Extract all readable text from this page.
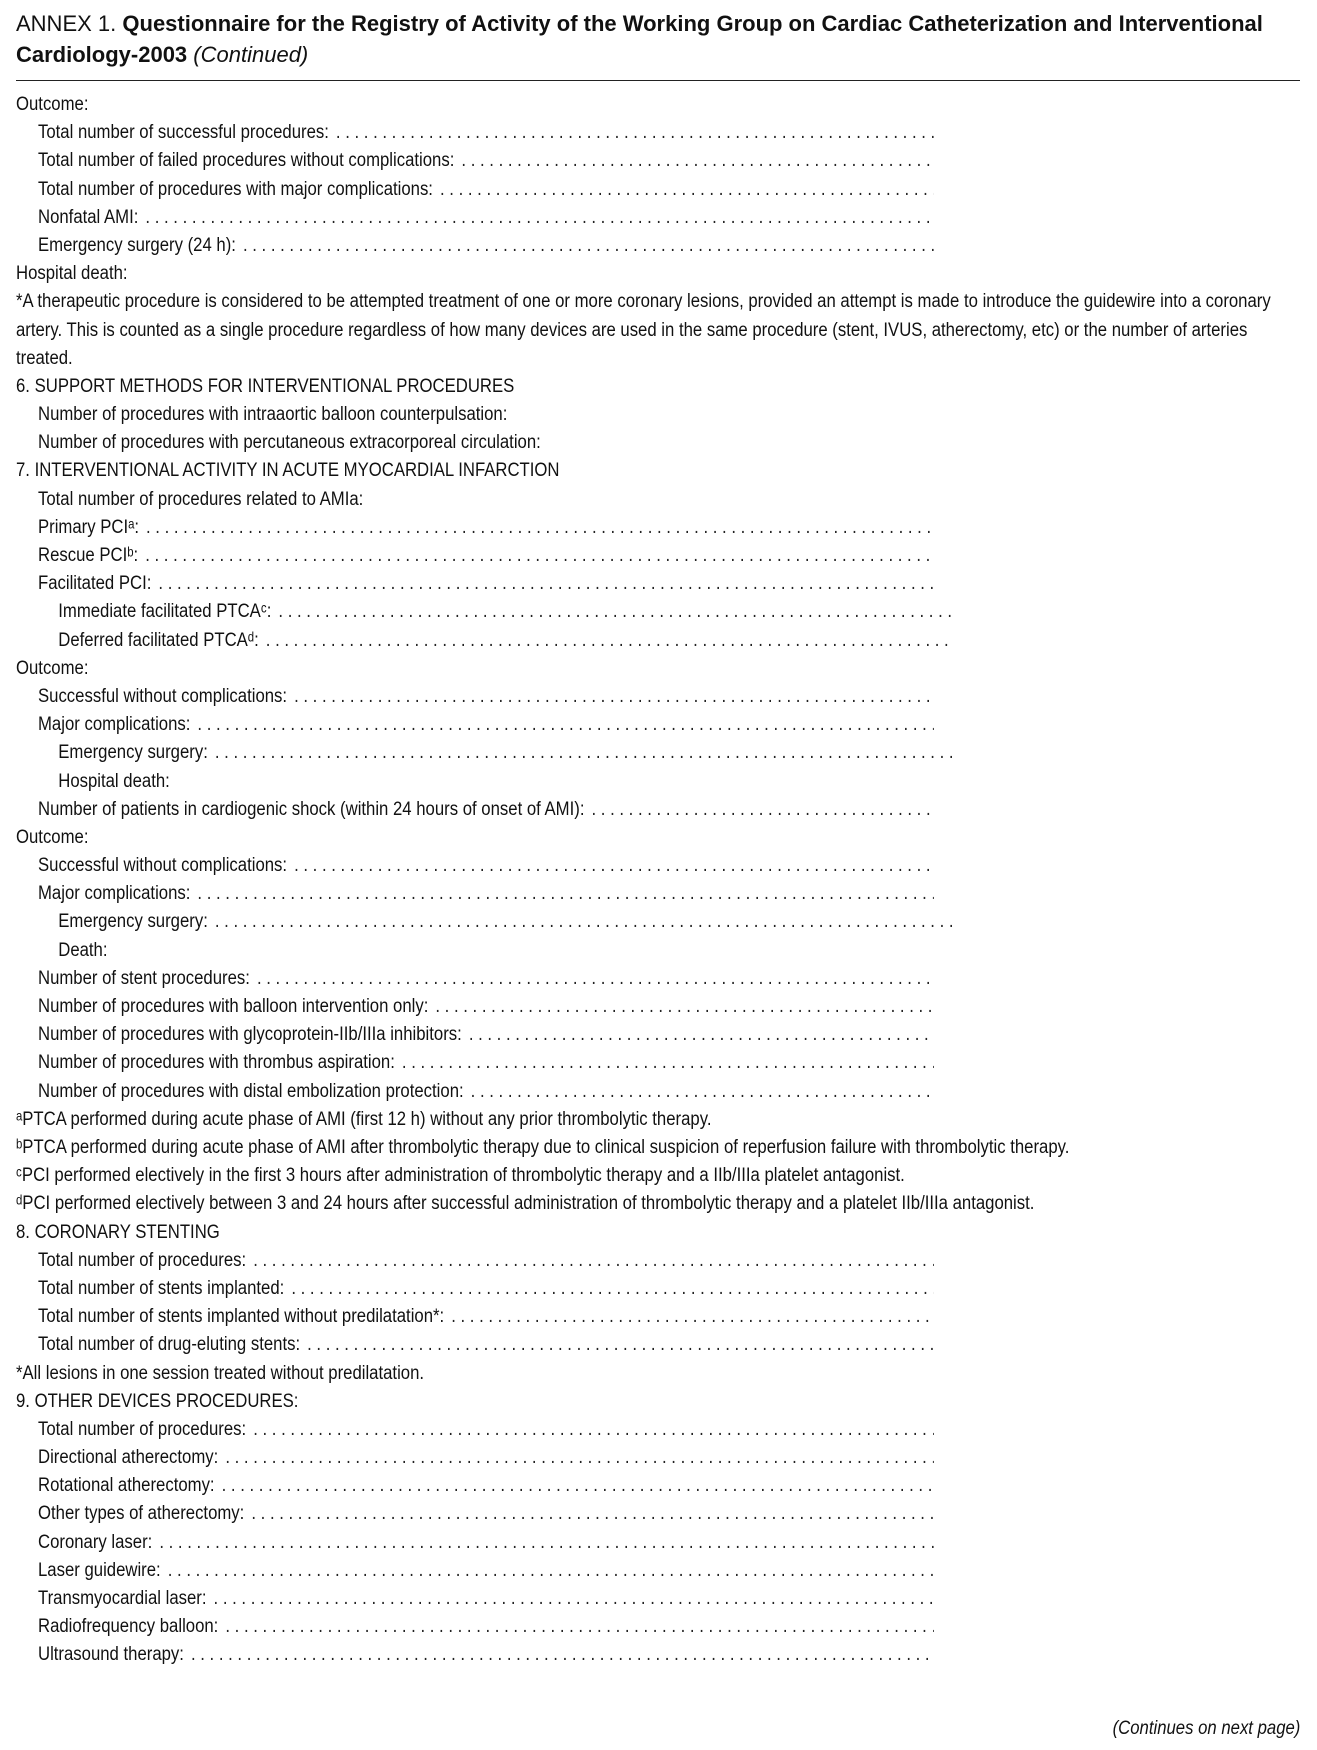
ANNEX 1. Questionnaire for the Registry of Activity of the Working Group on Cardiac Catheterization and Interventional Cardiology-2003 (Continued)

Outcome:
Total number of successful procedures:
. . .
Total number of failed procedures without complications:
. . .
Total number of procedures with major complications:
. . .
Nonfatal AMI:
. . .
Emergency surgery (24 h):
. . .
Hospital death:
*A therapeutic procedure is considered to be attempted treatment of one or more coronary lesions, provided an attempt is made to introduce the guidewire into a coronary artery. This is counted as a single procedure regardless of how many devices are used in the same procedure (stent, IVUS, atherectomy, etc) or the number of arteries treated.
6. SUPPORT METHODS FOR INTERVENTIONAL PROCEDURES
Number of procedures with intraaortic balloon counterpulsation:
Number of procedures with percutaneous extracorporeal circulation:
7. INTERVENTIONAL ACTIVITY IN ACUTE MYOCARDIAL INFARCTION
Total number of procedures related to AMIa:
Primary PCIᵃ:
. . .
Rescue PCIᵇ:
. . .
Facilitated PCI:
. . .
Immediate facilitated PTCAᶜ:
. . .
Deferred facilitated PTCAᵈ:
. . .
Outcome:
Successful without complications:
. . .
Major complications:
. . .
Emergency surgery:
. . .
Hospital death:
Number of patients in cardiogenic shock (within 24 hours of onset of AMI):
. . .
Outcome:
Successful without complications:
. . .
Major complications:
. . .
Emergency surgery:
. . .
Death:
Number of stent procedures:
. . .
Number of procedures with balloon intervention only:
. . .
Number of procedures with glycoprotein-IIb/IIIa inhibitors:
. . .
Number of procedures with thrombus aspiration:
. . .
Number of procedures with distal embolization protection:
. . .
ᵃPTCA performed during acute phase of AMI (first 12 h) without any prior thrombolytic therapy.
ᵇPTCA performed during acute phase of AMI after thrombolytic therapy due to clinical suspicion of reperfusion failure with thrombolytic therapy.
ᶜPCI performed electively in the first 3 hours after administration of thrombolytic therapy and a IIb/IIIa platelet antagonist.
ᵈPCI performed electively between 3 and 24 hours after successful administration of thrombolytic therapy and a platelet IIb/IIIa antagonist.
8. CORONARY STENTING
Total number of procedures:
. . .
Total number of stents implanted:
. . .
Total number of stents implanted without predilatation*:
. . .
Total number of drug-eluting stents:
. . .
*All lesions in one session treated without predilatation.
9. OTHER DEVICES PROCEDURES:
Total number of procedures:
. . .
Directional atherectomy:
. . .
Rotational atherectomy:
. . .
Other types of atherectomy:
. . .
Coronary laser:
. . .
Laser guidewire:
. . .
Transmyocardial laser:
. . .
Radiofrequency balloon:
. . .
Ultrasound therapy:
. . .
(Continues on next page)
